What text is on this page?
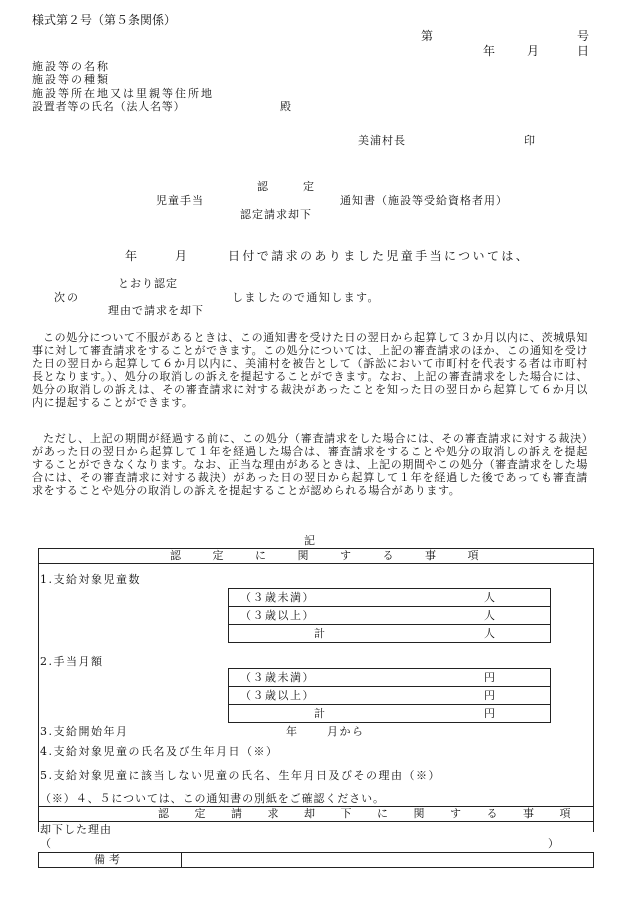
様式第２号（第５条関係）
第	号
年	月	日
施設等の名称
施設等の種類
施設等所在地又は里親等住所地
設置者等の氏名（法人名等）	殿
美浦村長	印
認	定
児童手当	通知書（施設等受給資格者用）
認定請求却下
年	月	日付で請求のありました児童手当については、
とおり認定
次の	しましたので通知します。
理由で請求を却下

この処分について不服があるときは、この通知書を受けた日の翌日から起算して３か月以内に、茨城県知事に対して審査請求をすることができます。この処分については、上記の審査請求のほか、この通知を受けた日の翌日から起算して６か月以内に、美浦村を被告として（訴訟において市町村を代表する者は市町村長となります。）、処分の取消しの訴えを提起することができます。なお、上記の審査請求をした場合には、処分の取消しの訴えは、その審査請求に対する裁決があったことを知った日の翌日から起算して６か月以内に提起することができます。

ただし、上記の期間が経過する前に、この処分（審査請求をした場合には、その審査請求に対する裁決）があった日の翌日から起算して１年を経過した場合は、審査請求をすることや処分の取消しの訴えを提起することができなくなります。なお、正当な理由があるときは、上記の期間やこの処分（審査請求をした場合には、その審査請求に対する裁決）があった日の翌日から起算して１年を経過した後であっても審査請求をすることや処分の取消しの訴えを提起することが認められる場合があります。

記
認 定 に 関 す る 事 項
1.支給対象児童数
（３歳未満）	人
（３歳以上）	人
計	人
2.手当月額
（３歳未満）	円
（３歳以上）	円
計	円
3.支給開始年月	年	月から
4.支給対象児童の氏名及び生年月日（※）
5.支給対象児童に該当しない児童の氏名、生年月日及びその理由（※）
（※）４、５については、この通知書の別紙をご確認ください。
認 定 請 求 却 下 に 関 す る 事 項
却下した理由
（	）
備考
